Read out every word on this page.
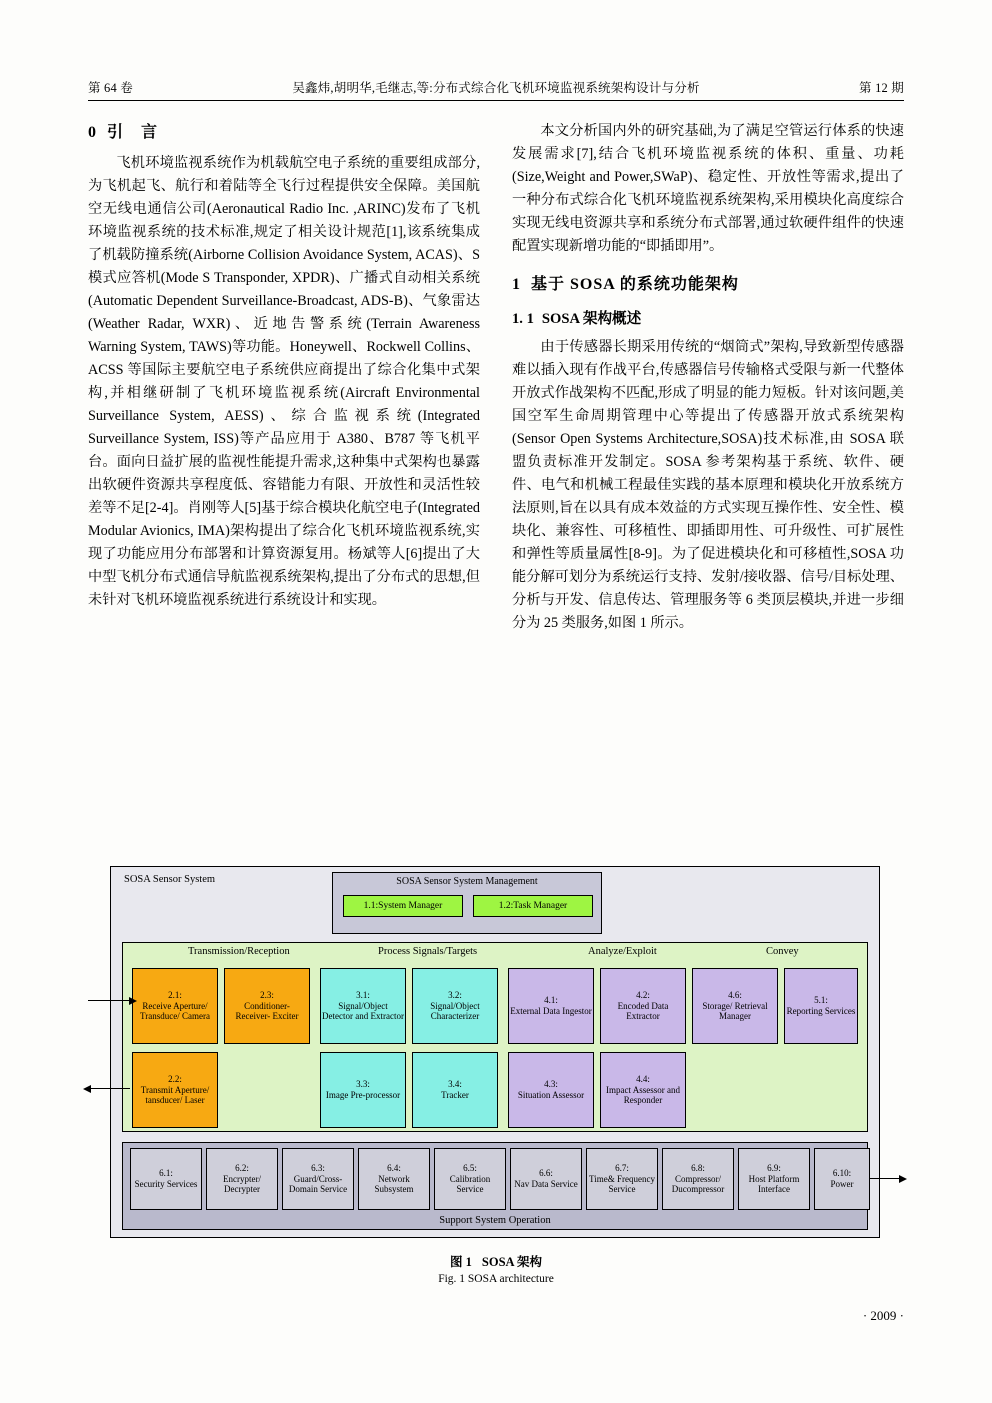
第 64 卷	吴鑫炜,胡明华,毛继志,等:分布式综合化飞机环境监视系统架构设计与分析	第 12 期
0 引　言

飞机环境监视系统作为机载航空电子系统的重要组成部分,为飞机起飞、航行和着陆等全飞行过程提供安全保障。美国航空无线电通信公司(Aeronautical Radio Inc. ,ARINC)发布了飞机环境监视系统的技术标准,规定了相关设计规范[1],该系统集成了机载防撞系统(Airborne Collision Avoidance System, ACAS)、S 模式应答机(Mode S Transponder, XPDR)、广播式自动相关系统(Automatic Dependent Surveillance-Broadcast, ADS-B)、气象雷达(Weather Radar, WXR)、近地告警系统(Terrain Awareness Warning System, TAWS)等功能。Honeywell、Rockwell Collins、ACSS 等国际主要航空电子系统供应商提出了综合化集中式架构,并相继研制了飞机环境监视系统(Aircraft Environmental Surveillance System, AESS)、综合监视系统(Integrated Surveillance System, ISS)等产品应用于 A380、B787 等飞机平台。面向日益扩展的监视性能提升需求,这种集中式架构也暴露出软硬件资源共享程度低、容错能力有限、开放性和灵活性较差等不足[2-4]。肖刚等人[5]基于综合模块化航空电子(Integrated Modular Avionics, IMA)架构提出了综合化飞机环境监视系统,实现了功能应用分布部署和计算资源复用。杨斌等人[6]提出了大中型飞机分布式通信导航监视系统架构,提出了分布式的思想,但未针对飞机环境监视系统进行系统设计和实现。

本文分析国内外的研究基础,为了满足空管运行体系的快速发展需求[7],结合飞机环境监视系统的体积、重量、功耗(Size,Weight and Power,SWaP)、稳定性、开放性等需求,提出了一种分布式综合化飞机环境监视系统架构,采用模块化高度综合实现无线电资源共享和系统分布式部署,通过软硬件组件的快速配置实现新增功能的“即插即用”。

1 基于 SOSA 的系统功能架构
1. 1 SOSA 架构概述

由于传感器长期采用传统的“烟筒式”架构,导致新型传感器难以插入现有作战平台,传感器信号传输格式受限与新一代整体开放式作战架构不匹配,形成了明显的能力短板。针对该问题,美国空军生命周期管理中心等提出了传感器开放式系统架构(Sensor Open Systems Architecture,SOSA)技术标准,由 SOSA 联盟负责标准开发制定。SOSA 参考架构基于系统、软件、硬件、电气和机械工程最佳实践的基本原理和模块化开放系统方法原则,旨在以具有成本效益的方式实现互操作性、安全性、模块化、兼容性、可移植性、即插即用性、可升级性、可扩展性和弹性等质量属性[8-9]。为了促进模块化和可移植性,SOSA 功能分解可划分为系统运行支持、发射/接收器、信号/目标处理、分析与开发、信息传达、管理服务等 6 类顶层模块,并进一步细分为 25 类服务,如图 1 所示。

SOSA Sensor System	SOSA Sensor System Management
1.1:System Manager	1.2:Task Manager
Transmission/Reception	Process Signals/Targets	Analyze/Exploit	Convey
2.1:
Receive Aperture/ Transduce/ Camera
2.3:
Conditioner- Receiver- Exciter
3.1:
Signal/Object Detector and Extractor
3.2:
Signal/Object Characterizer
4.1:
External Data Ingestor
4.2:
Encoded Data Extractor
4.6:
Storage/ Retrieval Manager
5.1:
Reporting Services
2.2:
Transmit Aperture/ tansducer/ Laser
3.3:
Image Pre-processor
3.4:
Tracker
4.3:
Situation Assessor
4.4:
Impact Assessor and Responder
Support System Operation
6.1:
Security Services
6.2:
Encrypter/ Decrypter
6.3:
Guard/Cross- Domain Service
6.4:
Network Subsystem
6.5:
Calibration Service
6.6:
Nav Data Service
6.7:
Time& Frequency Service
6.8:
Compressor/ Ducompressor
6.9:
Host Platform Interface
6.10:
Power
图 1 SOSA 架构
Fig. 1 SOSA architecture
· 2009 ·
